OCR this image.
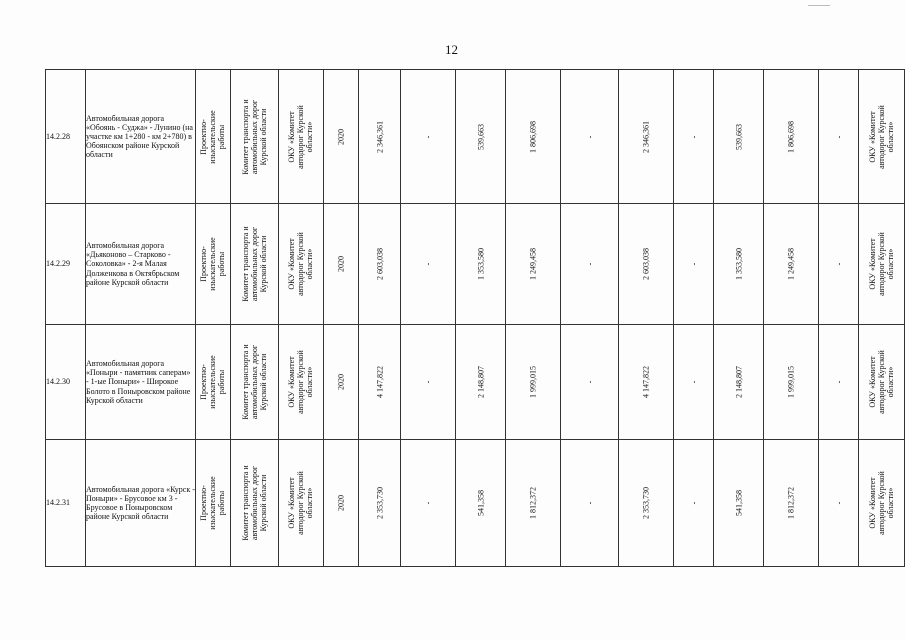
12
14.2.28	Автомобильная дорога «Обоянь - Суджа» - Лунино (на участке км 1+280 - км 2+780) в Обоянском районе Курской области	Проектно-изыскательские работы	Комитет транспорта и автомобильных дорог Курской области	ОКУ «Комитет автодорог Курской области»	2020	2 346,361	-	539,663	1 806,698	-	2 346,361	-	539,663	1 806,698	-	ОКУ «Комитет автодорог Курской области»

14.2.29	Автомобильная дорога «Дьяконово – Старково - Соколовка» - 2-я Малая Долженкова в Октябрьском районе Курской области	Проектно-изыскательские работы	Комитет транспорта и автомобильных дорог Курской области	ОКУ «Комитет автодорог Курской области»	2020	2 603,038	-	1 353,580	1 249,458	-	2 603,038	-	1 353,580	1 249,458	-	ОКУ «Комитет автодорог Курской области»

14.2.30	Автомобильная дорога «Поныри - памятник саперам» - 1-ые Поныри» - Широкое Болото в Поныровском районе Курской области	Проектно-изыскательские работы	Комитет транспорта и автомобильных дорог Курской области	ОКУ «Комитет автодорог Курской области»	2020	4 147,822	-	2 148,807	1 999,015	-	4 147,822	-	2 148,807	1 999,015	-	ОКУ «Комитет автодорог Курской области»

14.2.31	Автомобильная дорога «Курск - Поныри» - Брусовое км 3 - Брусовое в Поныровском районе Курской области	Проектно-изыскательские работы	Комитет транспорта и автомобильных дорог Курской области	ОКУ «Комитет автодорог Курской области»	2020	2 353,730	-	541,358	1 812,372	-	2 353,730	-	541,358	1 812,372	-	ОКУ «Комитет автодорог Курской области»
